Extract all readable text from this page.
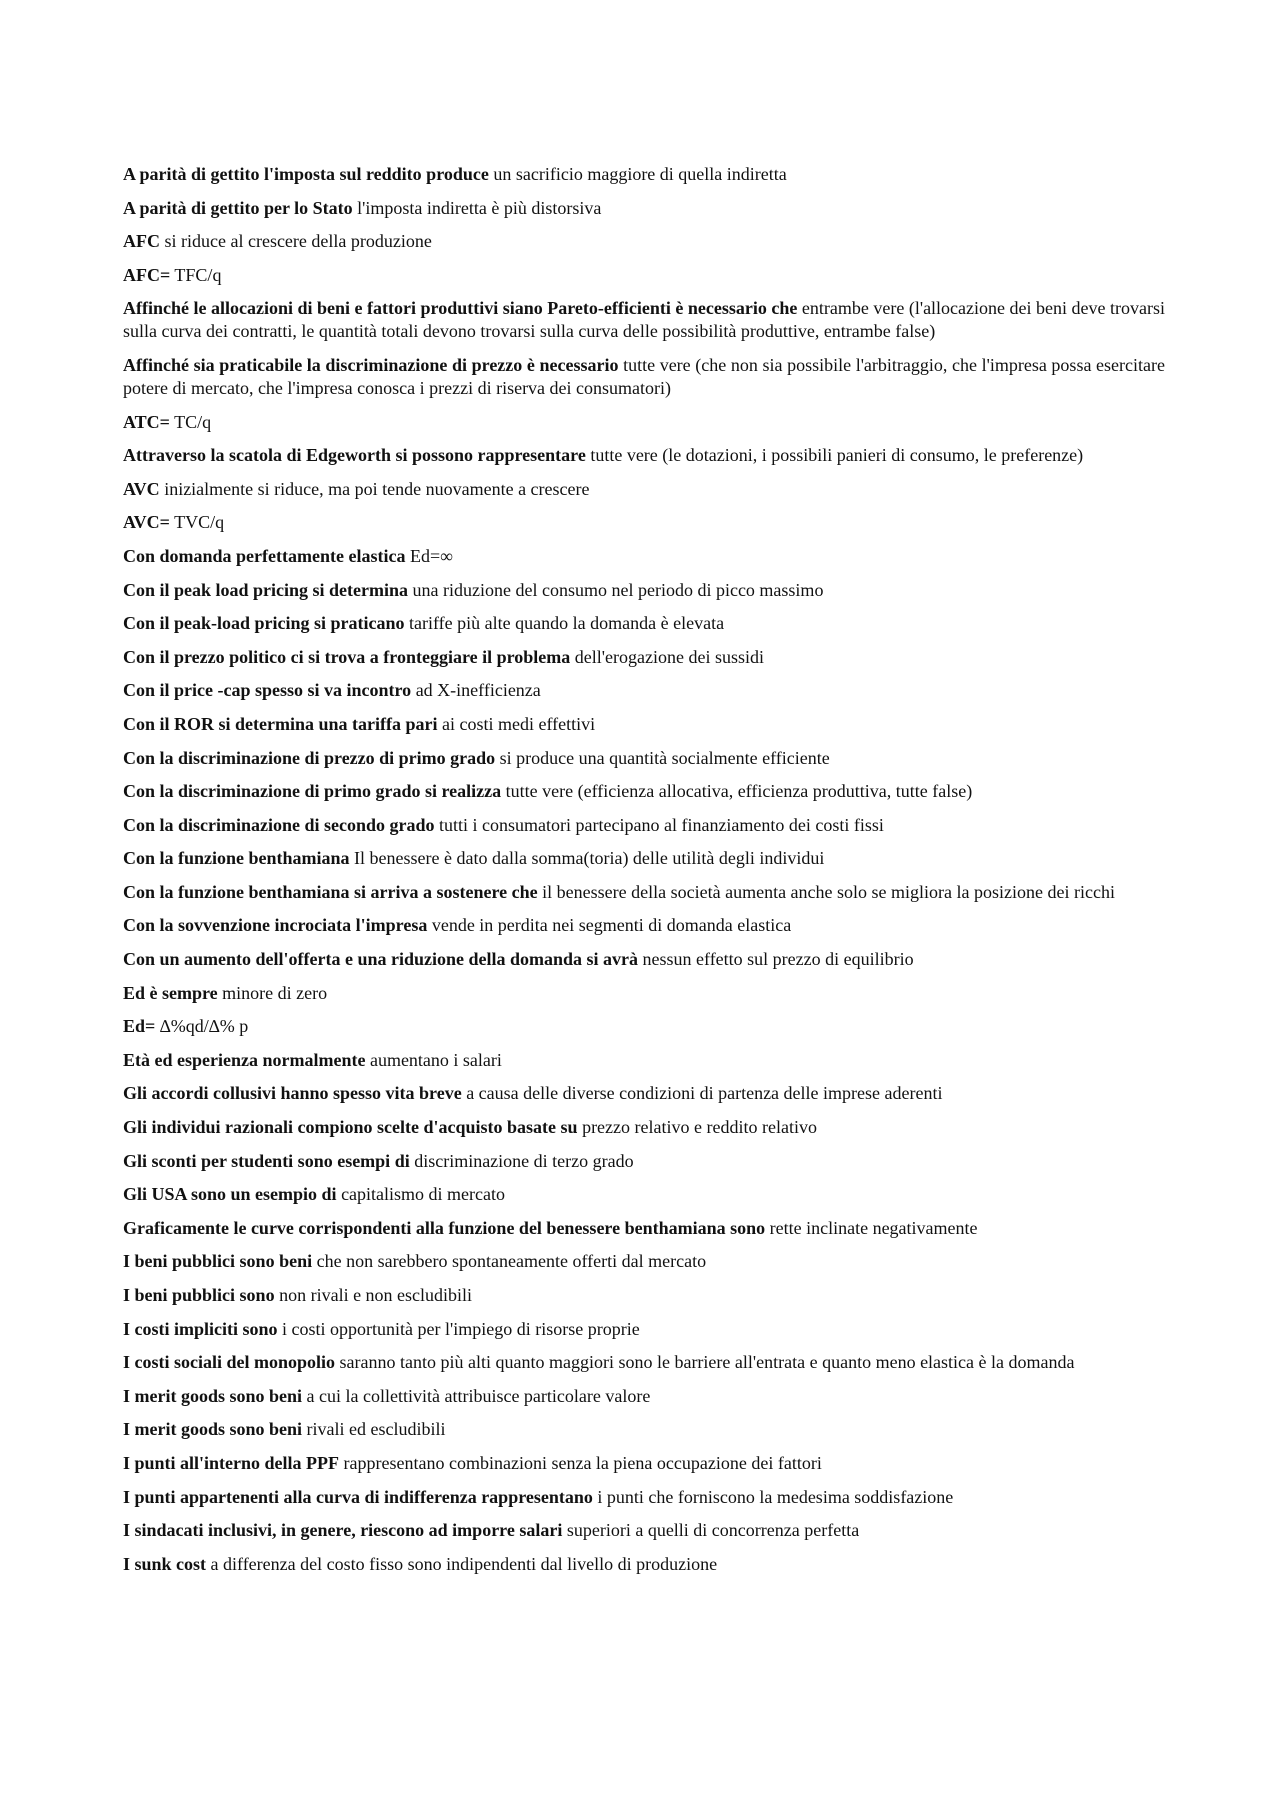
A parità di gettito l'imposta sul reddito produce un sacrificio maggiore di quella indiretta

A parità di gettito per lo Stato l'imposta indiretta è più distorsiva

AFC si riduce al crescere della produzione

AFC= TFC/q

Affinché le allocazioni di beni e fattori produttivi siano Pareto-efficienti è necessario che entrambe vere (l'allocazione dei beni deve trovarsi sulla curva dei contratti, le quantità totali devono trovarsi sulla curva delle possibilità produttive, entrambe false)

Affinché sia praticabile la discriminazione di prezzo è necessario tutte vere (che non sia possibile l'arbitraggio, che l'impresa possa esercitare potere di mercato, che l'impresa conosca i prezzi di riserva dei consumatori)

ATC= TC/q

Attraverso la scatola di Edgeworth si possono rappresentare tutte vere (le dotazioni, i possibili panieri di consumo, le preferenze)

AVC inizialmente si riduce, ma poi tende nuovamente a crescere

AVC= TVC/q

Con domanda perfettamente elastica Ed=∞

Con il peak load pricing si determina una riduzione del consumo nel periodo di picco massimo

Con il peak-load pricing si praticano tariffe più alte quando la domanda è elevata

Con il prezzo politico ci si trova a fronteggiare il problema dell'erogazione dei sussidi

Con il price -cap spesso si va incontro ad X-inefficienza

Con il ROR si determina una tariffa pari ai costi medi effettivi

Con la discriminazione di prezzo di primo grado si produce una quantità socialmente efficiente

Con la discriminazione di primo grado si realizza tutte vere (efficienza allocativa, efficienza produttiva, tutte false)

Con la discriminazione di secondo grado tutti i consumatori partecipano al finanziamento dei costi fissi

Con la funzione benthamiana Il benessere è dato dalla somma(toria) delle utilità degli individui

Con la funzione benthamiana si arriva a sostenere che il benessere della società aumenta anche solo se migliora la posizione dei ricchi

Con la sovvenzione incrociata l'impresa vende in perdita nei segmenti di domanda elastica

Con un aumento dell'offerta e una riduzione della domanda si avrà nessun effetto sul prezzo di equilibrio

Ed è sempre minore di zero

Ed= ∆%qd/∆% p

Età ed esperienza normalmente aumentano i salari

Gli accordi collusivi hanno spesso vita breve a causa delle diverse condizioni di partenza delle imprese aderenti

Gli individui razionali compiono scelte d'acquisto basate su prezzo relativo e reddito relativo

Gli sconti per studenti sono esempi di discriminazione di terzo grado

Gli USA sono un esempio di capitalismo di mercato

Graficamente le curve corrispondenti alla funzione del benessere benthamiana sono rette inclinate negativamente

I beni pubblici sono beni che non sarebbero spontaneamente offerti dal mercato

I beni pubblici sono non rivali e non escludibili

I costi impliciti sono i costi opportunità per l'impiego di risorse proprie

I costi sociali del monopolio saranno tanto più alti quanto maggiori sono le barriere all'entrata e quanto meno elastica è la domanda

I merit goods sono beni a cui la collettività attribuisce particolare valore

I merit goods sono beni rivali ed escludibili

I punti all'interno della PPF rappresentano combinazioni senza la piena occupazione dei fattori

I punti appartenenti alla curva di indifferenza rappresentano i punti che forniscono la medesima soddisfazione

I sindacati inclusivi, in genere, riescono ad imporre salari superiori a quelli di concorrenza perfetta

I sunk cost a differenza del costo fisso sono indipendenti dal livello di produzione
